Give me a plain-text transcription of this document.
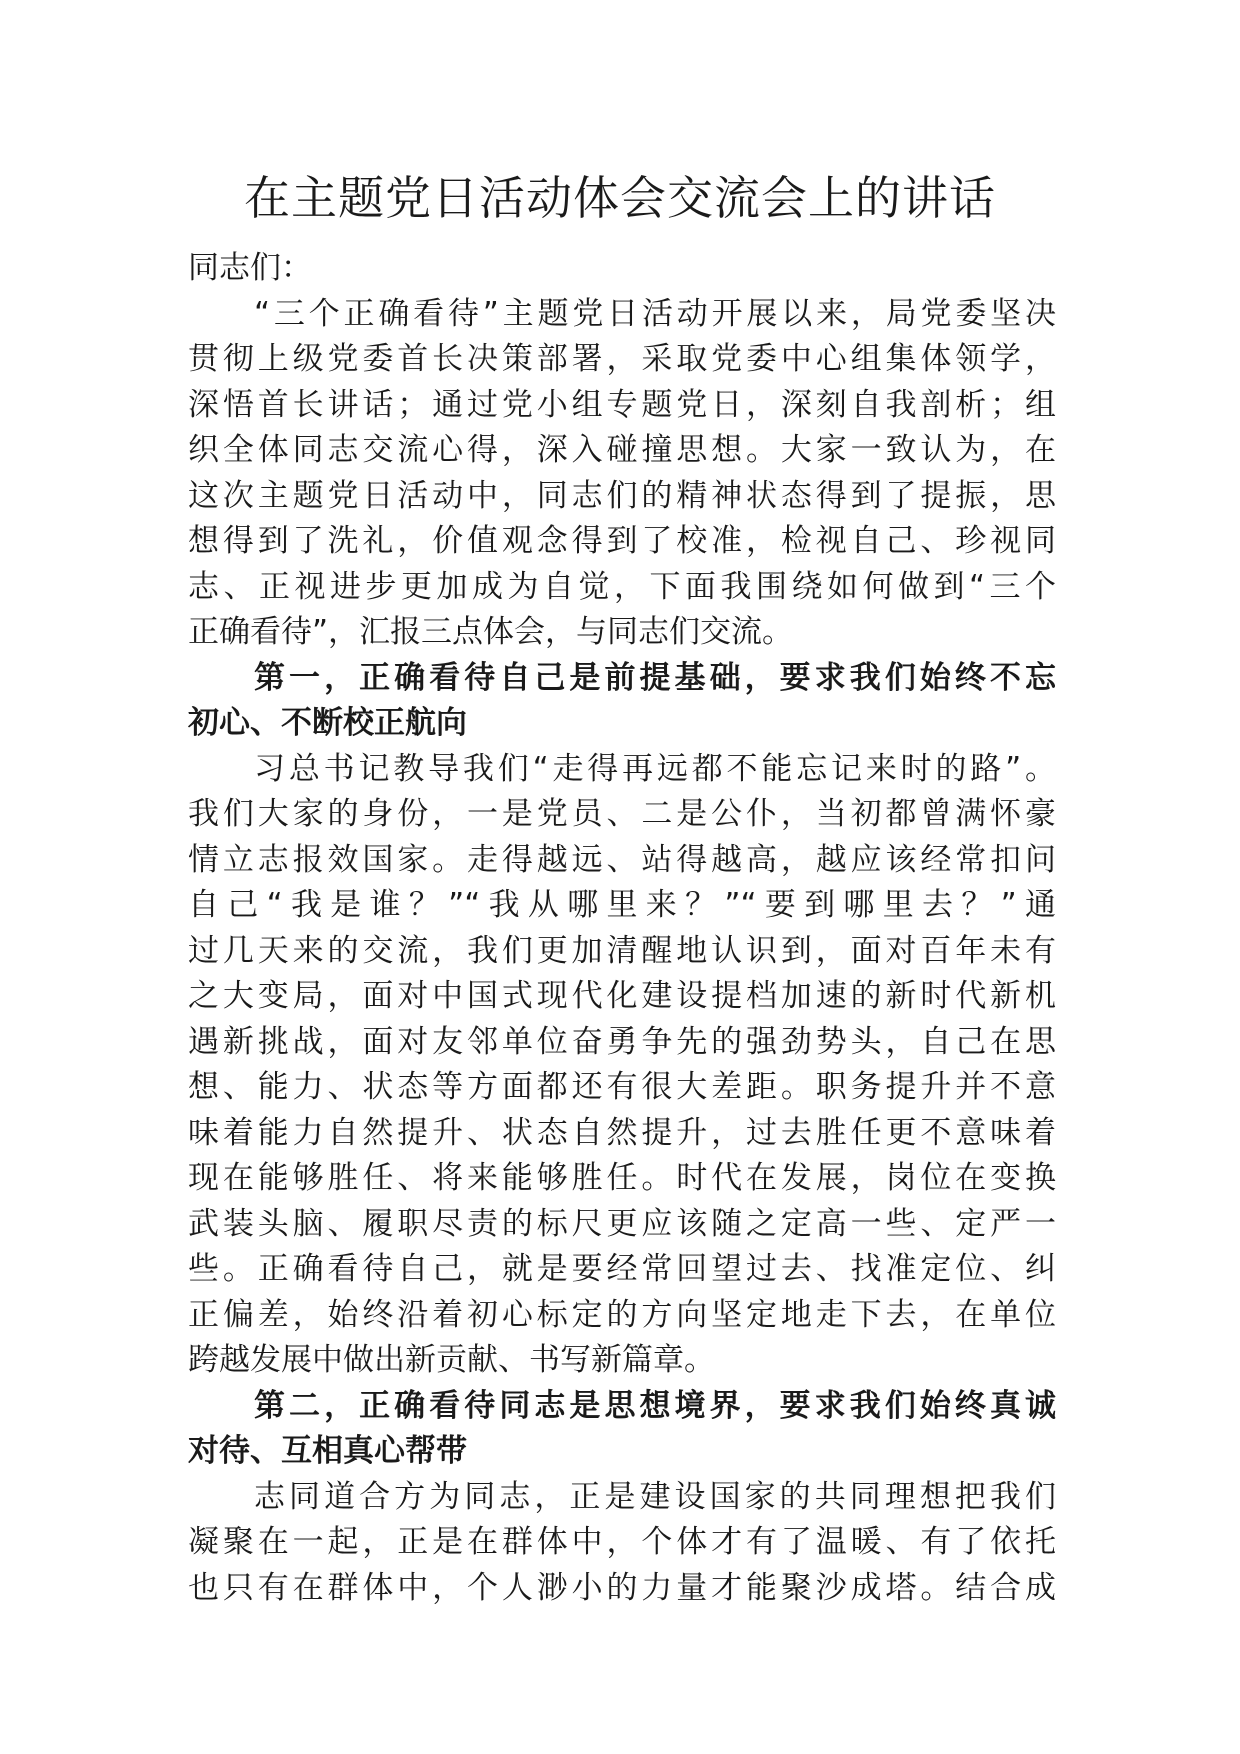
在主题党日活动体会交流会上的讲话
同志们：
“三个正确看待”主题党日活动开展以来，局党委坚决
贯彻上级党委首长决策部署，采取党委中心组集体领学，
深悟首长讲话；通过党小组专题党日，深刻自我剖析；组
织全体同志交流心得，深入碰撞思想。大家一致认为，在
这次主题党日活动中，同志们的精神状态得到了提振，思
想得到了洗礼，价值观念得到了校准，检视自己、珍视同
志、正视进步更加成为自觉，下面我围绕如何做到“三个
正确看待”，汇报三点体会，与同志们交流。
第一，正确看待自己是前提基础，要求我们始终不忘
初心、不断校正航向
习总书记教导我们“走得再远都不能忘记来时的路”。
我们大家的身份，一是党员、二是公仆，当初都曾满怀豪
情立志报效国家。走得越远、站得越高，越应该经常扣问
自己“我是谁？”“我从哪里来？”“要到哪里去？”通
过几天来的交流，我们更加清醒地认识到，面对百年未有
之大变局，面对中国式现代化建设提档加速的新时代新机
遇新挑战，面对友邻单位奋勇争先的强劲势头，自己在思
想、能力、状态等方面都还有很大差距。职务提升并不意
味着能力自然提升、状态自然提升，过去胜任更不意味着
现在能够胜任、将来能够胜任。时代在发展，岗位在变换
武装头脑、履职尽责的标尺更应该随之定高一些、定严一
些。正确看待自己，就是要经常回望过去、找准定位、纠
正偏差，始终沿着初心标定的方向坚定地走下去，在单位
跨越发展中做出新贡献、书写新篇章。
第二，正确看待同志是思想境界，要求我们始终真诚
对待、互相真心帮带
志同道合方为同志，正是建设国家的共同理想把我们
凝聚在一起，正是在群体中，个体才有了温暖、有了依托
也只有在群体中，个人渺小的力量才能聚沙成塔。结合成
